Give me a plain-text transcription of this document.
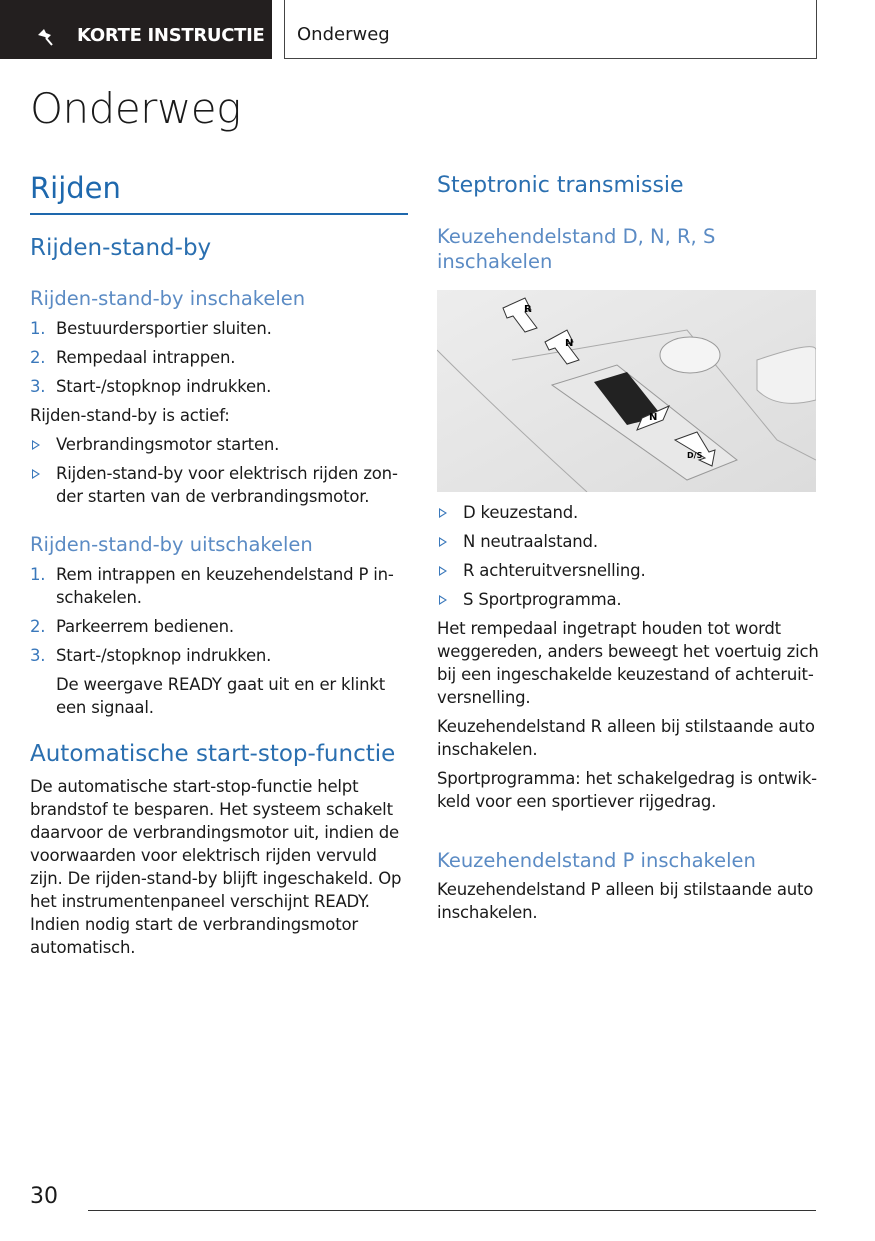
KORTE INSTRUCTIE Onderweg
Onderweg
Rijden
Rijden-stand-by
Rijden-stand-by inschakelen
1. Bestuurdersportier sluiten.
2. Rempedaal intrappen.
3. Start-/stopknop indrukken.
Rijden-stand-by is actief:
Verbrandingsmotor starten.
Rijden-stand-by voor elektrisch rijden zonder starten van de verbrandingsmotor.
Rijden-stand-by uitschakelen
1. Rem intrappen en keuzehendelstand P inschakelen.
2. Parkeerrem bedienen.
3. Start-/stopknop indrukken.
De weergave READY gaat uit en er klinkt een signaal.
Automatische start-stop-functie
De automatische start-stop-functie helpt brandstof te besparen. Het systeem schakelt daarvoor de verbrandingsmotor uit, indien de voorwaarden voor elektrisch rijden vervuld zijn. De rijden-stand-by blijft ingeschakeld. Op het instrumentenpaneel verschijnt READY. Indien nodig start de verbrandingsmotor automatisch.
Steptronic transmissie
Keuzehendelstand D, N, R, S inschakelen
R
N
N
D/S
D keuzestand.
N neutraalstand.
R achteruitversnelling.
S Sportprogramma.
Het rempedaal ingetrapt houden tot wordt weggereden, anders beweegt het voertuig zich bij een ingeschakelde keuzestand of achteruitversnelling.
Keuzehendelstand R alleen bij stilstaande auto inschakelen.
Sportprogramma: het schakelgedrag is ontwikkeld voor een sportiever rijgedrag.
Keuzehendelstand P inschakelen
Keuzehendelstand P alleen bij stilstaande auto inschakelen.
30
